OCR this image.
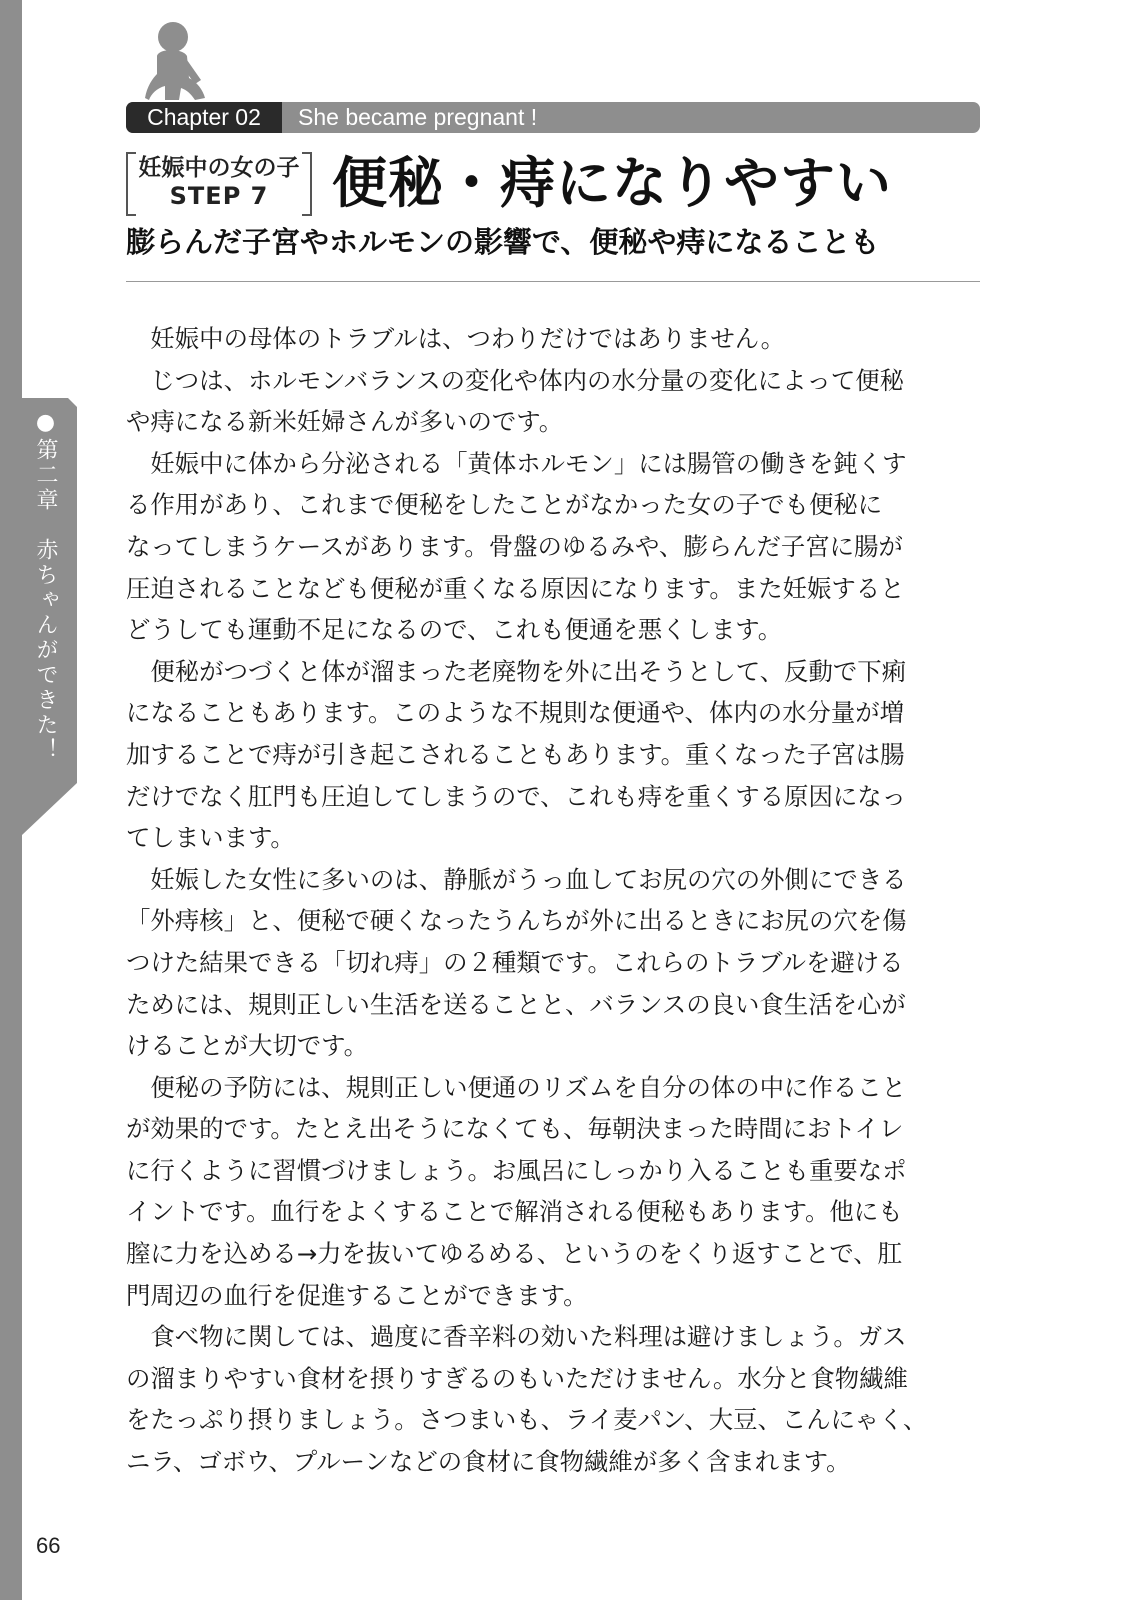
●第二章　赤ちゃんができた！
Chapter 02	She became pregnant !
妊娠中の女の子
STEP 7	便秘・痔になりやすい
膨らんだ子宮やホルモンの影響で、便秘や痔になることも
　妊娠中の母体のトラブルは、つわりだけではありません。
　じつは、ホルモンバランスの変化や体内の水分量の変化によって便秘
や痔になる新米妊婦さんが多いのです。
　妊娠中に体から分泌される「黄体ホルモン」には腸管の働きを鈍くす
る作用があり、これまで便秘をしたことがなかった女の子でも便秘に
なってしまうケースがあります。骨盤のゆるみや、膨らんだ子宮に腸が
圧迫されることなども便秘が重くなる原因になります。また妊娠すると
どうしても運動不足になるので、これも便通を悪くします。
　便秘がつづくと体が溜まった老廃物を外に出そうとして、反動で下痢
になることもあります。このような不規則な便通や、体内の水分量が増
加することで痔が引き起こされることもあります。重くなった子宮は腸
だけでなく肛門も圧迫してしまうので、これも痔を重くする原因になっ
てしまいます。
　妊娠した女性に多いのは、静脈がうっ血してお尻の穴の外側にできる
「外痔核」と、便秘で硬くなったうんちが外に出るときにお尻の穴を傷
つけた結果できる「切れ痔」の２種類です。これらのトラブルを避ける
ためには、規則正しい生活を送ることと、バランスの良い食生活を心が
けることが大切です。
　便秘の予防には、規則正しい便通のリズムを自分の体の中に作ること
が効果的です。たとえ出そうになくても、毎朝決まった時間におトイレ
に行くように習慣づけましょう。お風呂にしっかり入ることも重要なポ
イントです。血行をよくすることで解消される便秘もあります。他にも
膣に力を込める→力を抜いてゆるめる、というのをくり返すことで、肛
門周辺の血行を促進することができます。
　食べ物に関しては、過度に香辛料の効いた料理は避けましょう。ガス
の溜まりやすい食材を摂りすぎるのもいただけません。水分と食物繊維
をたっぷり摂りましょう。さつまいも、ライ麦パン、大豆、こんにゃく、
ニラ、ゴボウ、プルーンなどの食材に食物繊維が多く含まれます。
66
